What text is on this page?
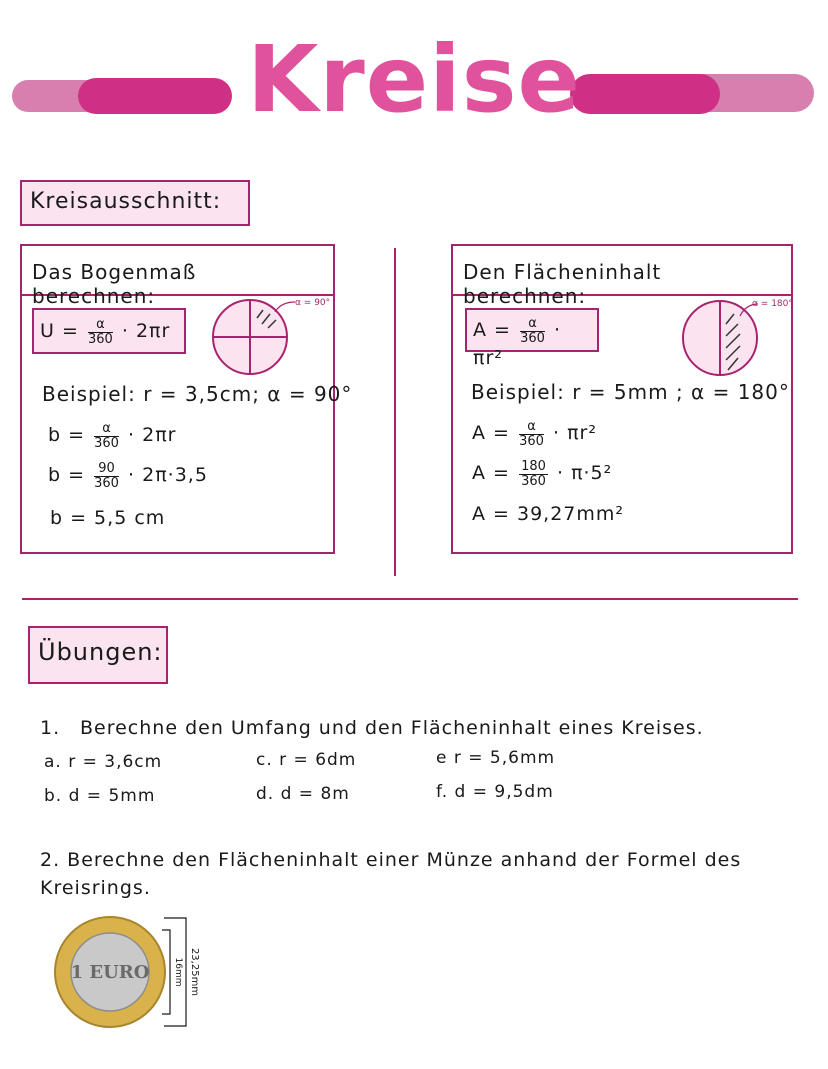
Kreise
Kreisausschnitt:
Das Bogenmaß berechnen:
$U = \frac{\alpha}{360} \cdot 2\pi r$
α = 90°
Beispiel: r = 3,5cm; α = 90°
$b = \frac{\alpha}{360} \cdot 2\pi r$
$b = \frac{90}{360} \cdot 2\pi\cdot 3,5$
b = 5,5 cm
Den Flächeninhalt berechnen:
$A = \frac{\alpha}{360} \cdot \pi r^2$
α = 180°
Beispiel: r = 5mm ; α = 180°
$A = \frac{\alpha}{360} \cdot \pi r^2$
$A = \frac{180}{360} \cdot \pi\cdot 5^2$
A = 39,27mm²
Übungen:
1. Berechne den Umfang und den Flächeninhalt eines Kreises.
a. r = 3,6cm
b. d = 5mm
c. r = 6dm
d. d = 8m
e r = 5,6mm
f. d = 9,5dm
2. Berechne den Flächeninhalt einer Münze anhand der Formel des Kreisrings.
1 EURO	16mm 23,25mm
